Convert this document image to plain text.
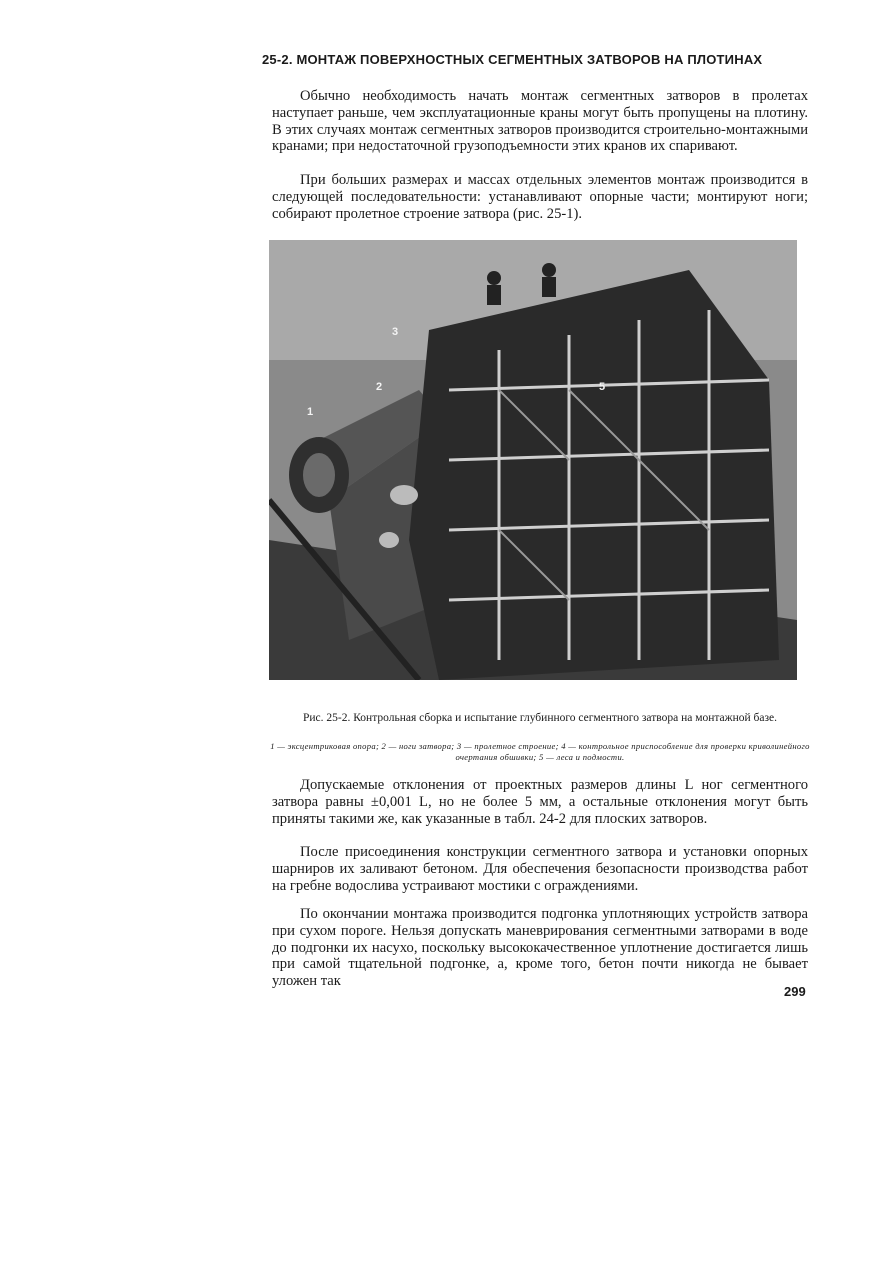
25-2. МОНТАЖ ПОВЕРХНОСТНЫХ СЕГМЕНТНЫХ ЗАТВОРОВ НА ПЛОТИНАХ

Обычно необходимость начать монтаж сегментных затворов в пролетах наступает раньше, чем эксплуатационные краны могут быть пропущены на плотину. В этих случаях монтаж сегментных затворов производится строительно-монтажными кранами; при недостаточной грузоподъемности этих кранов их спаривают.

При больших размерах и массах отдельных элементов монтаж производится в следующей последовательности: устанавливают опорные части; монтируют ноги; собирают пролетное строение затвора (рис. 25-1).

3
2
1
5
Рис. 25-2. Контрольная сборка и испытание глубинного сегментного затвора на монтажной базе.
1 — эксцентриковая опора; 2 — ноги затвора; 3 — пролетное строение; 4 — контрольное приспособление для проверки криволинейного очертания обшивки; 5 — леса и подмости.

Допускаемые отклонения от проектных размеров длины L ног сегментного затвора равны ±0,001 L, но не более 5 мм, а остальные отклонения могут быть приняты такими же, как указанные в табл. 24-2 для плоских затворов.

После присоединения конструкции сегментного затвора и установки опорных шарниров их заливают бетоном. Для обеспечения безопасности производства работ на гребне водослива устраивают мостики с ограждениями.

По окончании монтажа производится подгонка уплотняющих устройств затвора при сухом пороге. Нельзя допускать маневрирования сегментными затворами в воде до подгонки их насухо, поскольку высококачественное уплотнение достигается лишь при самой тщательной подгонке, а, кроме того, бетон почти никогда не бывает уложен так

299
